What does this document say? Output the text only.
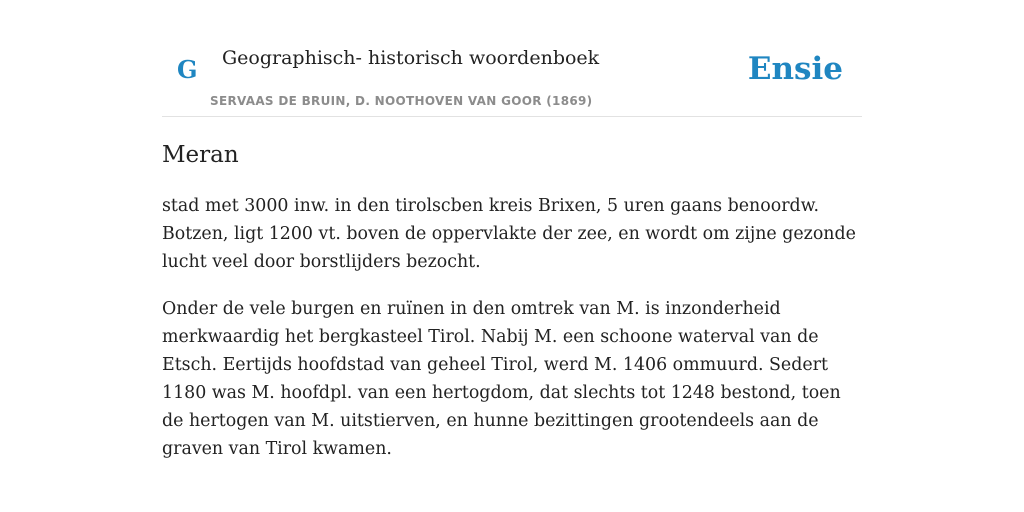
G Geographisch- historisch woordenboek
SERVAAS DE BRUIN, D. NOOTHOVEN VAN GOOR (1869)
Ensie
Meran

stad met 3000 inw. in den tirolscben kreis Brixen, 5 uren gaans benoordw. Botzen, ligt 1200 vt. boven de oppervlakte der zee, en wordt om zijne gezonde lucht veel door borstlijders bezocht.

Onder de vele burgen en ruïnen in den omtrek van M. is inzonderheid merkwaardig het bergkasteel Tirol. Nabij M. een schoone waterval van de Etsch. Eertijds hoofdstad van geheel Tirol, werd M. 1406 ommuurd. Sedert 1180 was M. hoofdpl. van een hertogdom, dat slechts tot 1248 bestond, toen de hertogen van M. uitstierven, en hunne bezittingen grootendeels aan de graven van Tirol kwamen.
